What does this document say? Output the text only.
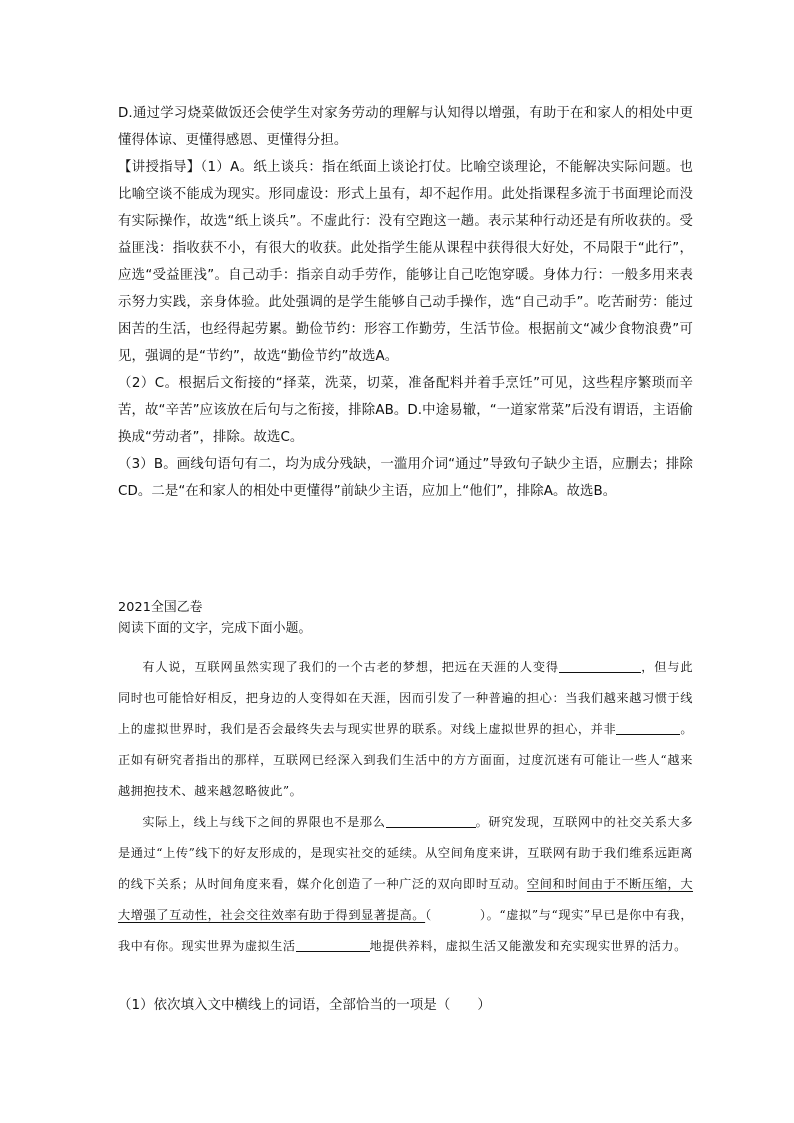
D.通过学习烧菜做饭还会使学生对家务劳动的理解与认知得以增强，有助于在和家人的相处中更懂得体谅、更懂得感恩、更懂得分担。

【讲授指导】（1）A。纸上谈兵：指在纸面上谈论打仗。比喻空谈理论，不能解决实际问题。也比喻空谈不能成为现实。形同虚设：形式上虽有，却不起作用。此处指课程多流于书面理论而没有实际操作，故选“纸上谈兵”。不虚此行：没有空跑这一趟。表示某种行动还是有所收获的。受益匪浅：指收获不小，有很大的收获。此处指学生能从课程中获得很大好处，不局限于“此行”，应选“受益匪浅”。自己动手：指亲自动手劳作，能够让自己吃饱穿暖。身体力行：一般多用来表示努力实践，亲身体验。此处强调的是学生能够自己动手操作，选“自己动手”。吃苦耐劳：能过困苦的生活，也经得起劳累。勤俭节约：形容工作勤劳，生活节俭。根据前文“减少食物浪费”可见，强调的是“节约”，故选“勤俭节约”故选A。

（2）C。根据后文衔接的“择菜，洗菜，切菜，准备配料并着手烹饪”可见，这些程序繁琐而辛苦，故“辛苦”应该放在后句与之衔接，排除AB。D.中途易辙，“一道家常菜”后没有谓语，主语偷换成“劳动者”，排除。故选C。

（3）B。画线句语句有二，均为成分残缺，一滥用介词“通过”导致句子缺少主语，应删去；排除CD。二是“在和家人的相处中更懂得”前缺少主语，应加上“他们”，排除A。故选B。

2021全国乙卷

阅读下面的文字，完成下面小题。

有人说，互联网虽然实现了我们的一个古老的梦想，把远在天涯的人变得	，但与此同时也可能恰好相反，把身边的人变得如在天涯，因而引发了一种普遍的担心：当我们越来越习惯于线上的虚拟世界时，我们是否会最终失去与现实世界的联系。对线上虚拟世界的担心，并非	。正如有研究者指出的那样，互联网已经深入到我们生活中的方方面面，过度沉迷有可能让一些人“越来越拥抱技术、越来越忽略彼此”。

实际上，线上与线下之间的界限也不是那么	。研究发现，互联网中的社交关系大多是通过“上传”线下的好友形成的，是现实社交的延续。从空间角度来讲，互联网有助于我们维系远距离的线下关系；从时间角度来看，媒介化创造了一种广泛的双向即时互动。空间和时间由于不断压缩，大大增强了互动性，社会交往效率有助于得到显著提高。（	）。“虚拟”与“现实”早已是你中有我，我中有你。现实世界为虚拟生活	地提供养料，虚拟生活又能激发和充实现实世界的活力。

（1）依次填入文中横线上的词语，全部恰当的一项是（　　）
